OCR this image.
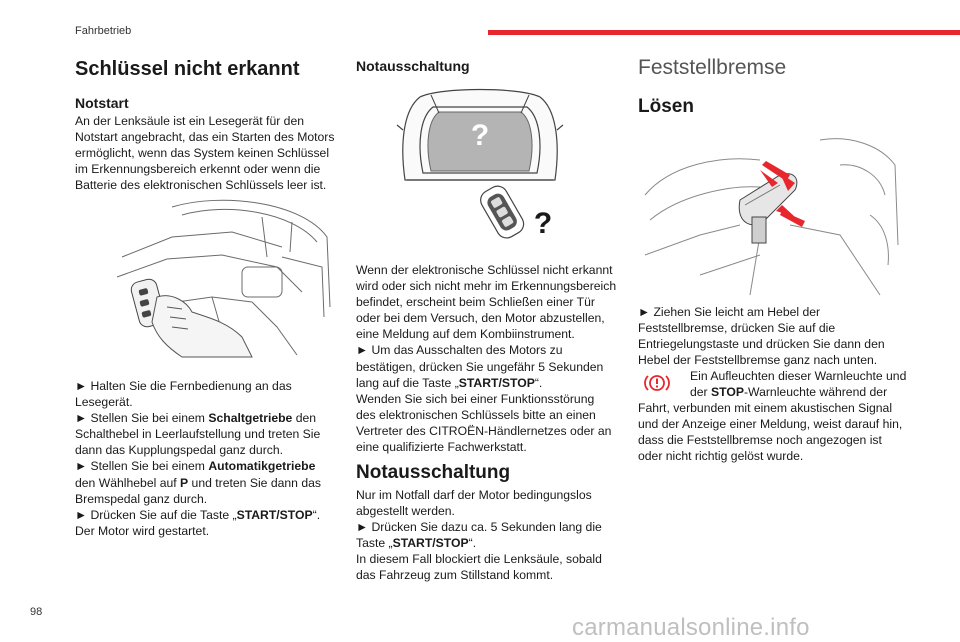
Fahrbetrieb
Schlüssel nicht erkannt
Notstart
An der Lenksäule ist ein Lesegerät für den
Notstart angebracht, das ein Starten des Motors
ermöglicht, wenn das System keinen Schlüssel
im Erkennungsbereich erkennt oder wenn die
Batterie des elektronischen Schlüssels leer ist.
► Halten Sie die Fernbedienung an das
Lesegerät.
► Stellen Sie bei einem Schaltgetriebe den
Schalthebel in Leerlaufstellung und treten Sie
dann das Kupplungspedal ganz durch.
► Stellen Sie bei einem Automatikgetriebe
den Wählhebel auf P und treten Sie dann das
Bremspedal ganz durch.
► Drücken Sie auf die Taste „START/STOP“.
Der Motor wird gestartet.
Notausschaltung
?
?
Wenn der elektronische Schlüssel nicht erkannt
wird oder sich nicht mehr im Erkennungsbereich
befindet, erscheint beim Schließen einer Tür
oder bei dem Versuch, den Motor abzustellen,
eine Meldung auf dem Kombiinstrument.
► Um das Ausschalten des Motors zu
bestätigen, drücken Sie ungefähr 5 Sekunden
lang auf die Taste „START/STOP“.
Wenden Sie sich bei einer Funktionsstörung
des elektronischen Schlüssels bitte an einen
Vertreter des CITROËN-Händlernetzes oder an
eine qualifizierte Fachwerkstatt.
Notausschaltung
Nur im Notfall darf der Motor bedingungslos
abgestellt werden.
► Drücken Sie dazu ca. 5 Sekunden lang die
Taste „START/STOP“.
In diesem Fall blockiert die Lenksäule, sobald
das Fahrzeug zum Stillstand kommt.
Feststellbremse
Lösen
► Ziehen Sie leicht am Hebel der
Feststellbremse, drücken Sie auf die
Entriegelungstaste und drücken Sie dann den
Hebel der Feststellbremse ganz nach unten.
Ein Aufleuchten dieser Warnleuchte und
der STOP-Warnleuchte während der
Fahrt, verbunden mit einem akustischen Signal
und der Anzeige einer Meldung, weist darauf hin,
dass die Feststellbremse noch angezogen ist
oder nicht richtig gelöst wurde.
98
carmanualsonline.info
